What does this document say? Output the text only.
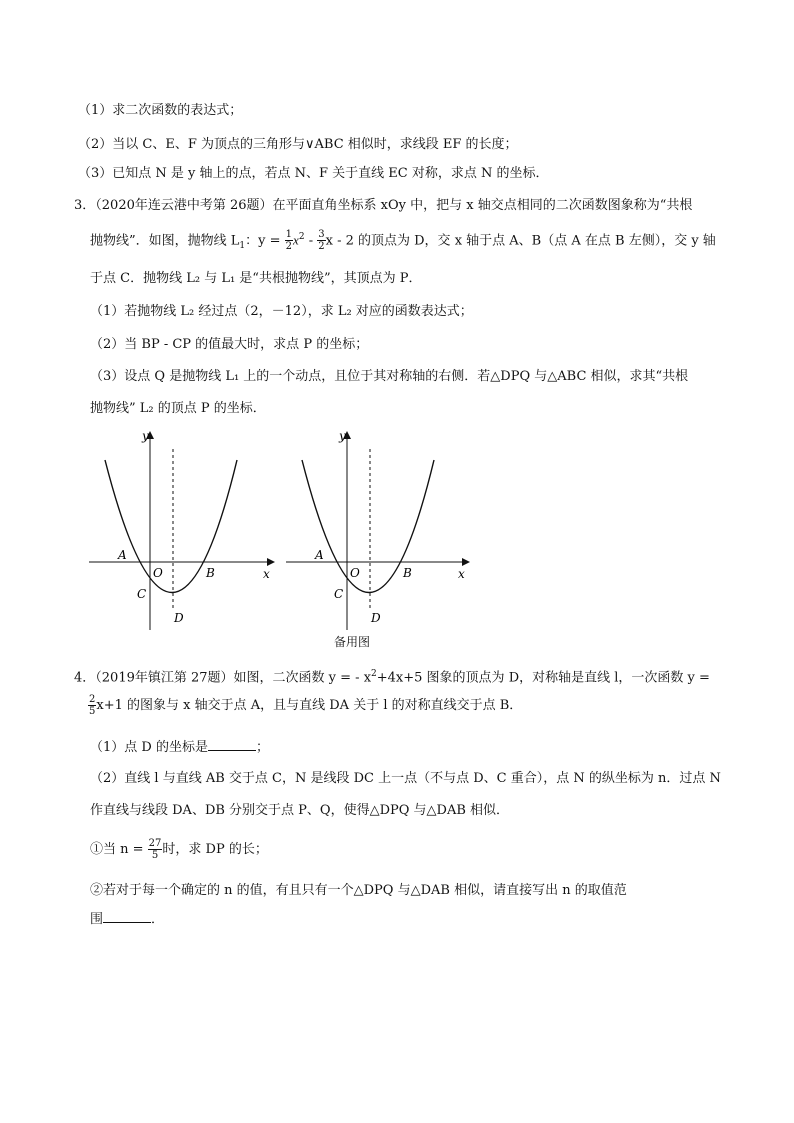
（1）求二次函数的表达式；
（2）当以 C、E、F 为顶点的三角形与∨ABC 相似时，求线段 EF 的长度；
（3）已知点 N 是 y 轴上的点，若点 N、F 关于直线 EC 对称，求点 N 的坐标．
3．（2020年连云港中考第 26题）在平面直角坐标系 xOy 中，把与 x 轴交点相同的二次函数图象称为“共根
抛物线”．如图，抛物线 $L_1$：$y = \frac{1}{2} x^2 - \frac{3}{2}$ x - 2 的顶点为 D，交 x 轴于点 A、B（点 A 在点 B 左侧），交 y 轴
于点 C．抛物线 L₂ 与 L₁ 是“共根抛物线”，其顶点为 P．
（1）若抛物线 L₂ 经过点（2，－12），求 L₂ 对应的函数表达式；
（2）当 BP - CP 的值最大时，求点 P 的坐标；
（3）设点 Q 是抛物线 L₁ 上的一个动点，且位于其对称轴的右侧．若△DPQ 与△ABC 相似，求其“共根
抛物线” L₂ 的顶点 P 的坐标．
y
x
A
O	B
C
D
y
x
A
O	B
C
D
备用图
4．（2019年镇江第 27题）如图，二次函数 y = - $x^2+4x+5$ 图象的顶点为 D，对称轴是直线 l，一次函数 y =
$\frac{2}{5} x+1$ 的图象与 x 轴交于点 A，且与直线 DA 关于 l 的对称直线交于点 B．
（1）点 D 的坐标是	；
（2）直线 l 与直线 AB 交于点 C，N 是线段 DC 上一点（不与点 D、C 重合），点 N 的纵坐标为 n．过点 N
作直线与线段 DA、DB 分别交于点 P、Q，使得△DPQ 与△DAB 相似．
①当 $n = \frac{27}{5}$ 时，求 DP 的长；
②若对于每一个确定的 n 的值，有且只有一个△DPQ 与△DAB 相似，请直接写出 n 的取值范
围	．
